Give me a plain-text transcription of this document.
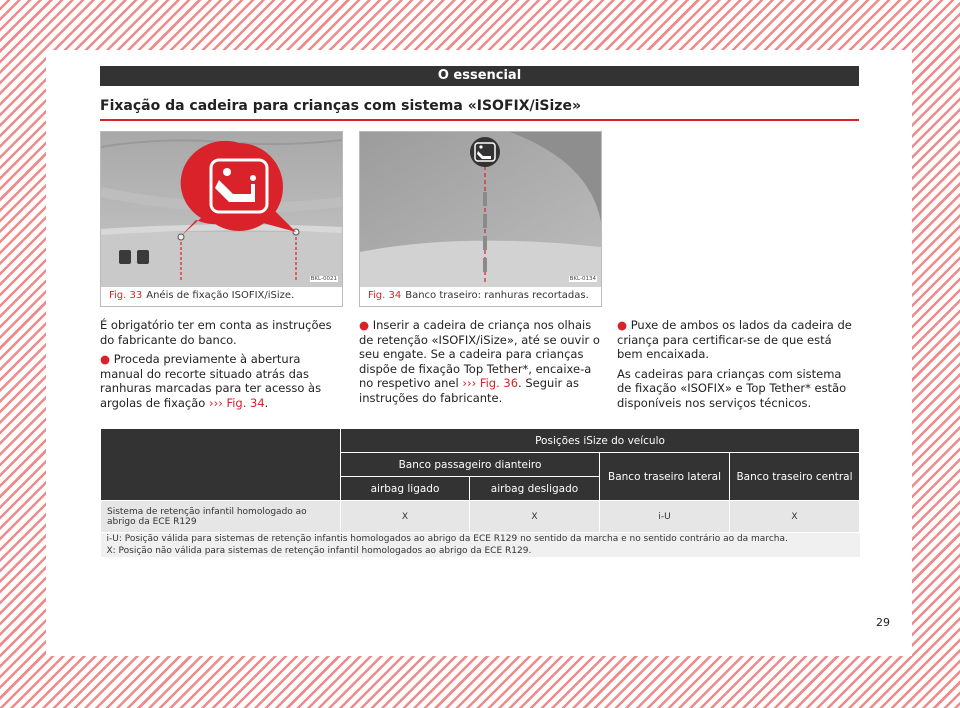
O essencial
Fixação da cadeira para crianças com sistema «ISOFIX/iSize»
BKL-0021
Fig. 33 Anéis de fixação ISOFIX/iSize.
BKL-0134
Fig. 34 Banco traseiro: ranhuras recortadas.

É obrigatório ter em conta as instruções do fabricante do banco.

● Proceda previamente à abertura manual do recorte situado atrás das ranhuras marcadas para ter acesso às argolas de fixação ››› Fig. 34.

● Inserir a cadeira de criança nos olhais de retenção «ISOFIX/iSize», até se ouvir o seu engate. Se a cadeira para crianças dispõe de fixação Top Tether*, encaixe-a no respetivo anel ››› Fig. 36. Seguir as instruções do fabricante.

● Puxe de ambos os lados da cadeira de criança para certificar-se de que está bem encaixada.

As cadeiras para crianças com sistema de fixação «ISOFIX» e Top Tether* estão disponíveis nos serviços técnicos.

	Posições iSize do veículo			
	Banco passageiro dianteiro		Banco traseiro lateral	Banco traseiro central
	airbag ligado	airbag desligado		
Sistema de retenção infantil homologado ao abrigo da ECE R129	X	X	i-U	X

i-U: Posição válida para sistemas de retenção infantis homologados ao abrigo da ECE R129 no sentido da marcha e no sentido contrário ao da marcha.
X: Posição não válida para sistemas de retenção infantil homologados ao abrigo da ECE R129.				
29
